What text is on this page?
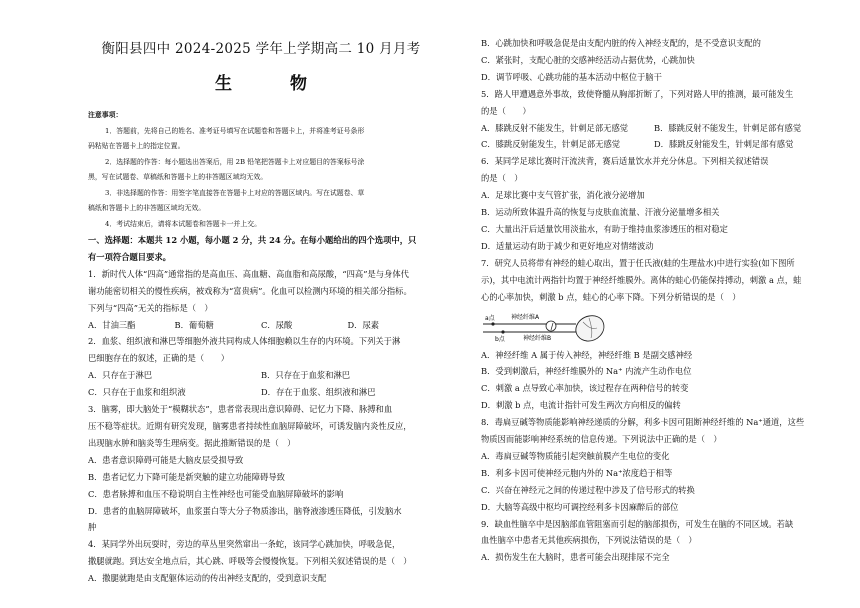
衡阳县四中 2024-2025 学年上学期高二 10 月月考
生 物
注意事项：
1．答题前，先将自己的姓名、准考证号填写在试题卷和答题卡上，并将准考证号条形
码粘贴在答题卡上的指定位置。
2．选择题的作答：每小题选出答案后，用 2B 铅笔把答题卡上对应题目的答案标号涂
黑，写在试题卷、草稿纸和答题卡上的非答题区域均无效。
3．非选择题的作答：用签字笔直接答在答题卡上对应的答题区域内。写在试题卷、草
稿纸和答题卡上的非答题区域均无效。
4．考试结束后，请将本试题卷和答题卡一并上交。
一、选择题：本题共 12 小题，每小题 2 分，共 24 分。在每小题给出的四个选项中，只
有一项符合题目要求。
1．新时代人体“四高”通常指的是高血压、高血糖、高血脂和高尿酸，“四高”是与身体代
谢功能密切相关的慢性疾病，被戏称为“富贵病”。化血可以检测内环境的相关部分指标。
下列与“四高”无关的指标是（　）
A．甘油三酯	B．葡萄糖	C．尿酸	D．尿素
2．血浆、组织液和淋巴等细胞外液共同构成人体细胞赖以生存的内环境。下列关于淋
巴细胞存在的叙述，正确的是（　　）
A．只存在于淋巴	B．只存在于血浆和淋巴
C．只存在于血浆和组织液	D．存在于血浆、组织液和淋巴
3．脑雾，即大脑处于“模糊状态”，患者常表现出意识障碍、记忆力下降、脉搏和血
压不稳等症状。近期有研究发现，脑雾患者持续性血脑屏障破坏，可诱发脑内炎性反应，
出现脑水肿和脑炎等生理病变。据此推断错误的是（　）
A．患者意识障碍可能是大脑皮层受损导致
B．患者记忆力下降可能是新突触的建立功能障碍导致
C．患者脉搏和血压不稳说明自主性神经也可能受血脑屏障破坏的影响
D．患者的血脑屏障破坏，血浆蛋白等大分子物质渗出，脑脊液渗透压降低，引发脑水
肿
4．某同学外出玩耍时，旁边的草丛里突然窜出一条蛇，该同学心跳加快，呼吸急促，
撒腿就跑。到达安全地点后，其心跳、呼吸等会慢慢恢复。下列相关叙述错误的是（　）
A．撒腿就跑是由支配躯体运动的传出神经支配的，受到意识支配
B．心跳加快和呼吸急促是由支配内脏的传入神经支配的，是不受意识支配的
C．紧张时，支配心脏的交感神经活动占据优势，心跳加快
D．调节呼吸、心跳功能的基本活动中枢位于脑干
5．路人甲遭遇意外事故，致使脊髓从胸部折断了，下列对路人甲的推测，最可能发生
的是（　　）
A．膝跳反射不能发生，针刺足部无感觉	B．膝跳反射不能发生，针刺足部有感觉
C．膝跳反射能发生，针刺足部无感觉	D．膝跳反射能发生，针刺足部有感觉
6．某同学足球比赛时汗流浃背，赛后适量饮水并充分休息。下列相关叙述错误
的是（　）
A．足球比赛中支气管扩张，消化液分泌增加
B．运动所致体温升高的恢复与皮肤血流量、汗液分泌量增多相关
C．大量出汗后适量饮用淡盐水，有助于维持血浆渗透压的相对稳定
D．适量运动有助于减少和更好地应对情绪波动
7．研究人员将带有神经的蛙心取出，置于任氏液(蛙的生理盐水)中进行实验(如下图所
示)，其中电流计两指针均置于神经纤维膜外。离体的蛙心仍能保持搏动，刺激 a 点，蛙
心的心率加快，刺激 b 点，蛙心的心率下降。下列分析错误的是（　）
a点
b点
神经纤维A
神经纤维B
A．神经纤维 A 属于传入神经，神经纤维 B 是副交感神经
B．受到刺激后，神经纤维膜外的 Na⁺ 内流产生动作电位
C．刺激 a 点导致心率加快，该过程存在两种信号的转变
D．刺激 b 点，电流计指针可发生两次方向相反的偏转
8．毒扁豆碱等物质能影响神经递质的分解，利多卡因可阻断神经纤维的 Na⁺通道，这些
物质因而能影响神经系统的信息传递。下列说法中正确的是（　）
A．毒扁豆碱等物质能引起突触前膜产生电位的变化
B．利多卡因可使神经元胞内外的 Na⁺浓度趋于相等
C．兴奋在神经元之间的传递过程中涉及了信号形式的转换
D．大脑等高级中枢均可调控经利多卡因麻醉后的部位
9．缺血性脑卒中是因脑部血管阻塞而引起的脑部损伤，可发生在脑的不同区域。若缺
血性脑卒中患者无其他疾病损伤，下列说法错误的是（　）
A．损伤发生在大脑时，患者可能会出现排尿不完全
